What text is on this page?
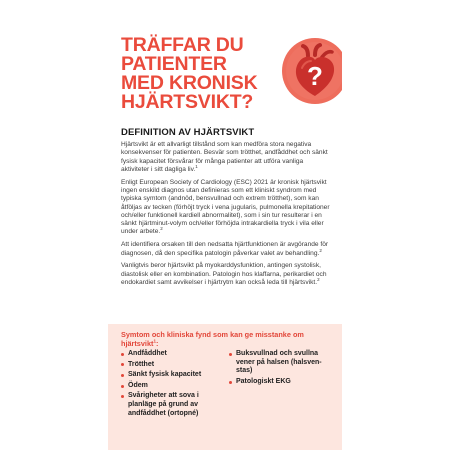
TRÄFFAR DU
PATIENTER
MED KRONISK
HJÄRTSVIKT?
?
DEFINITION AV HJÄRTSVIKT

Hjärtsvikt är ett allvarligt tillstånd som kan medföra stora negativa konsekvenser för patienten. Besvär som trötthet, andfåddhet och sänkt fysisk kapacitet försvårar för många patienter att utföra vanliga aktiviteter i sitt dagliga liv.$^1$

Enligt European Society of Cardiology (ESC) 2021 är kronisk hjärtsvikt ingen enskild diagnos utan definieras som ett kliniskt syndrom med typiska symtom (andnöd, bensvullnad och extrem trötthet), som kan åtföljas av tecken (förhöjt tryck i vena jugularis, pulmonella krepitationer och/eller funktionell kardiell abnormalitet), som i sin tur resulterar i en sänkt hjärtminut-volym och/eller förhöjda intrakardiella tryck i vila eller under arbete.$^2$

Att identifiera orsaken till den nedsatta hjärtfunktionen är avgörande för diagnosen, då den specifika patologin påverkar valet av behandling.$^2$

Vanligtvis beror hjärtsvikt på myokarddysfunktion, antingen systolisk, diastolisk eller en kombination. Patologin hos klaffarna, perikardiet och endokardiet samt avvikelser i hjärtrytm kan också leda till hjärtsvikt.$^2$

Symtom och kliniska fynd som kan ge misstanke om hjärtsvikt$^1$:
Andfåddhet
Trötthet
Sänkt fysisk kapacitet
Ödem
Svårigheter att sova i planläge på grund av andfåddhet (ortopné)
Buksvullnad och svullna vener på halsen (halsven-stas)
Patologiskt EKG
